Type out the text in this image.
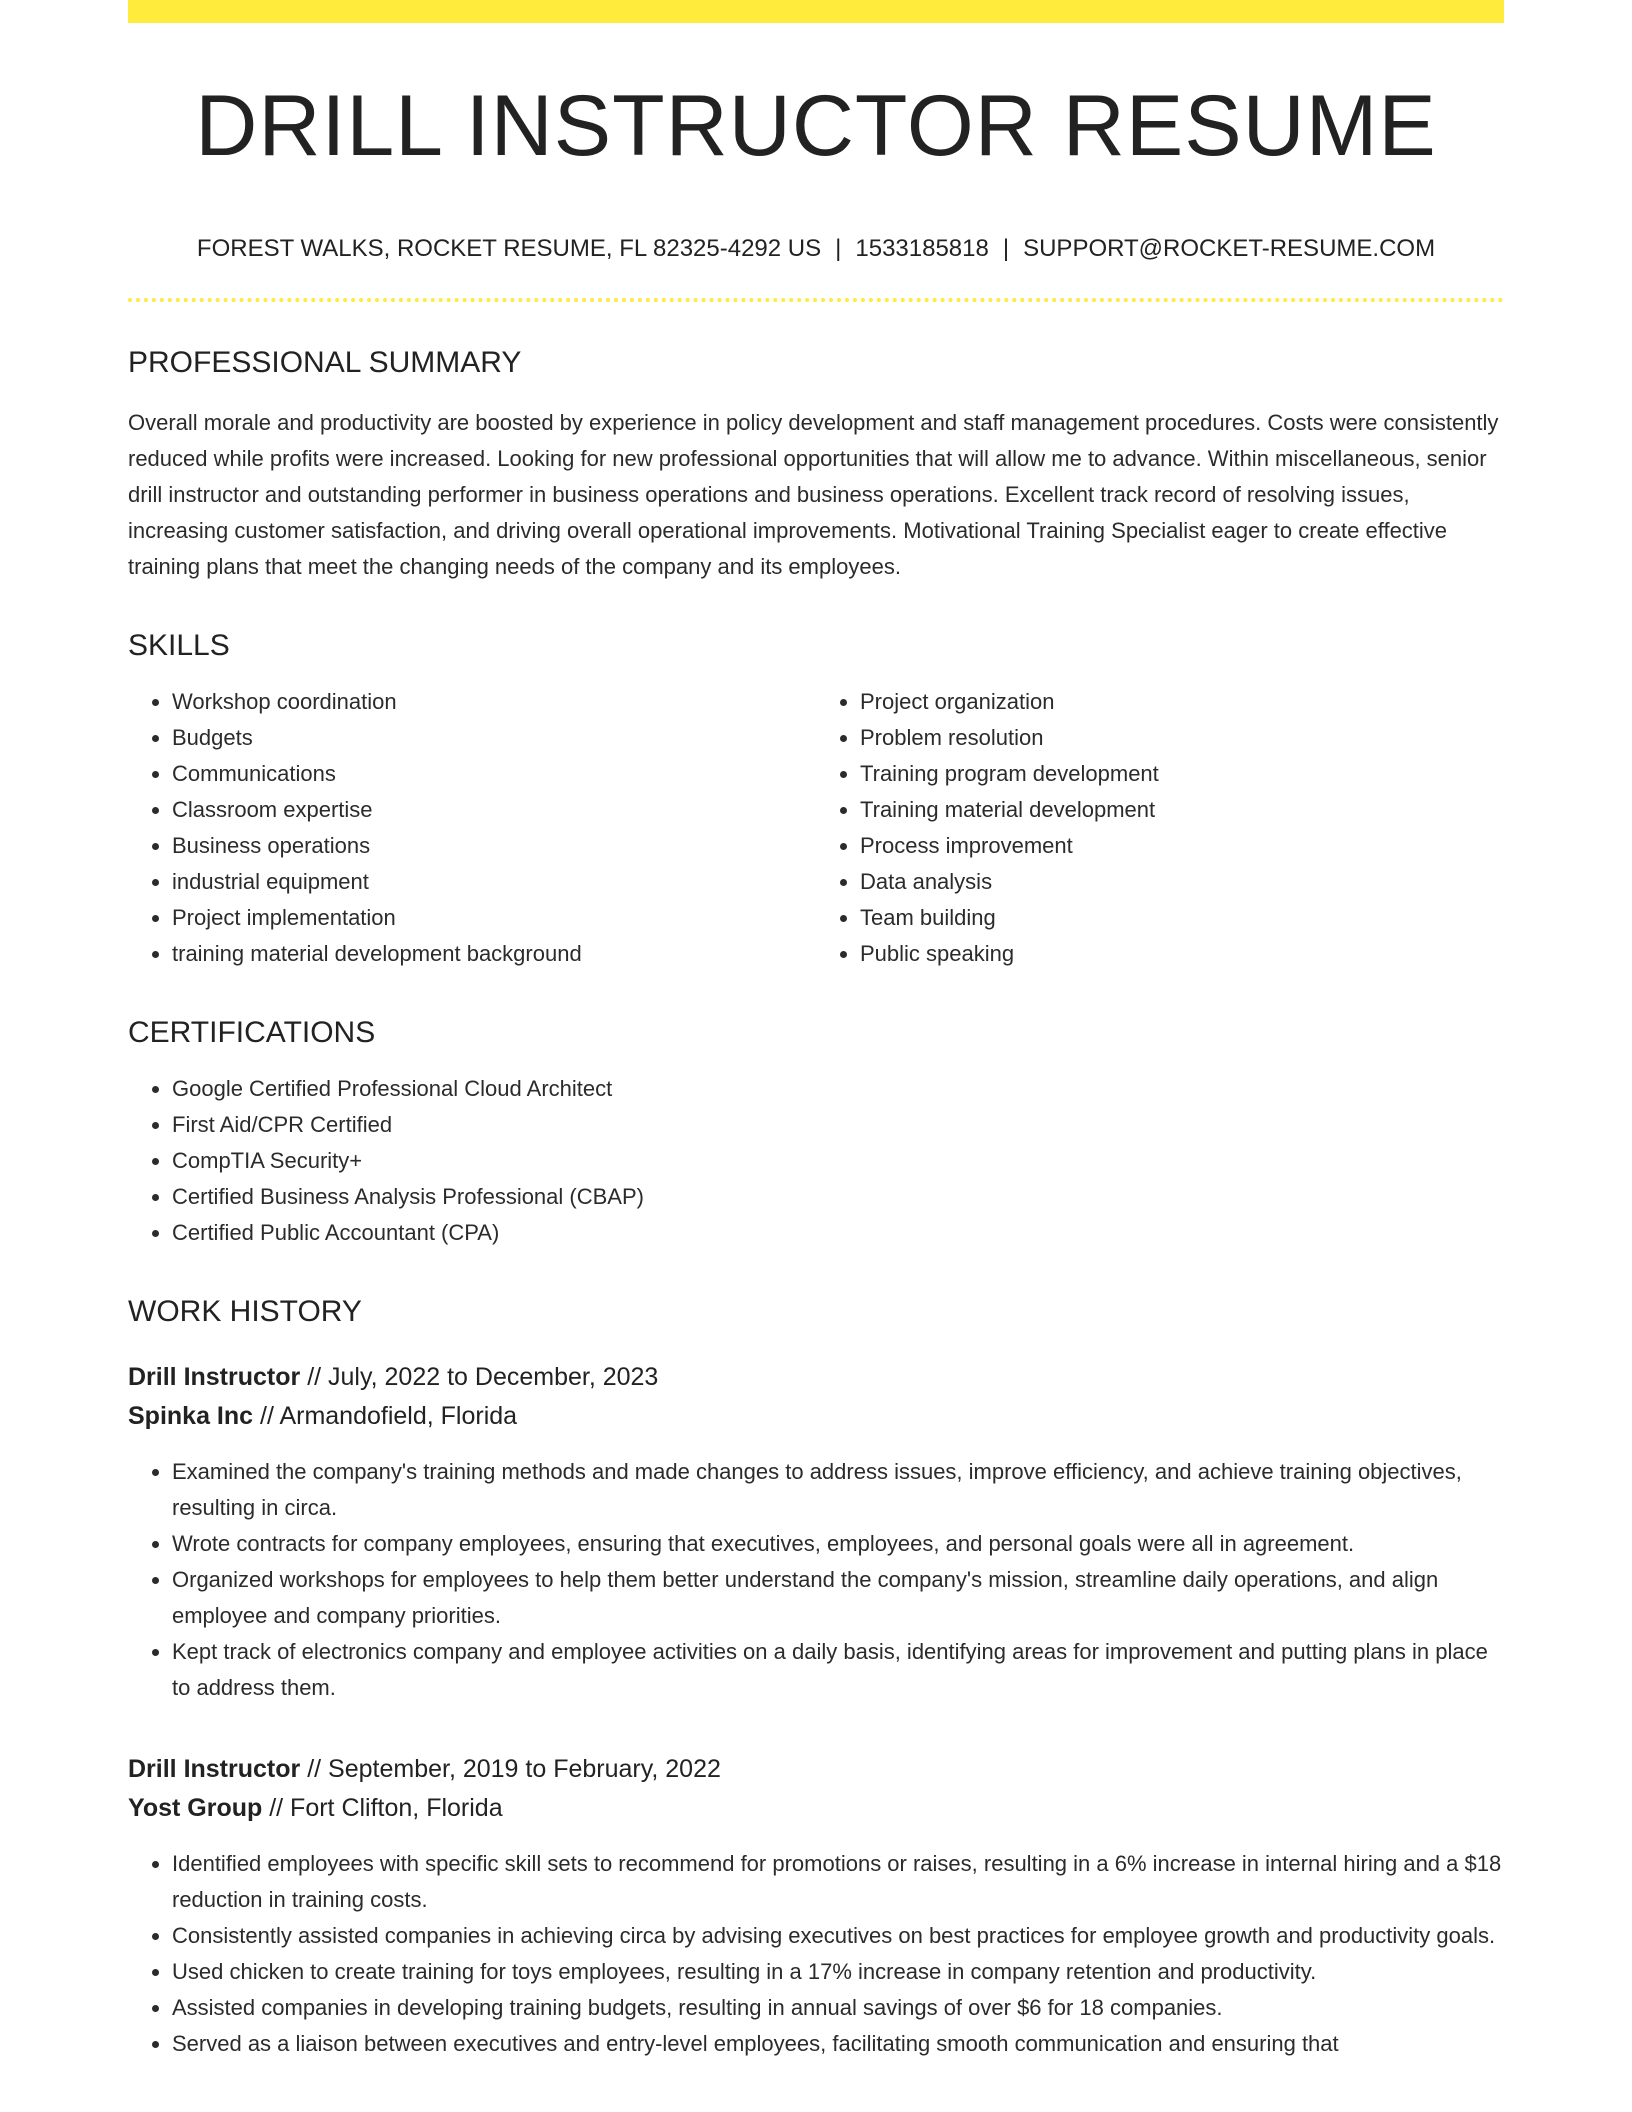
DRILL INSTRUCTOR RESUME
FOREST WALKS, ROCKET RESUME, FL 82325-4292 US | 1533185818 | SUPPORT@ROCKET-RESUME.COM
PROFESSIONAL SUMMARY
Overall morale and productivity are boosted by experience in policy development and staff management procedures. Costs were consistently reduced while profits were increased. Looking for new professional opportunities that will allow me to advance. Within miscellaneous, senior drill instructor and outstanding performer in business operations and business operations. Excellent track record of resolving issues, increasing customer satisfaction, and driving overall operational improvements. Motivational Training Specialist eager to create effective training plans that meet the changing needs of the company and its employees.
SKILLS
• Workshop coordination
• Budgets
• Communications
• Classroom expertise
• Business operations
• industrial equipment
• Project implementation
• training material development background
• Project organization
• Problem resolution
• Training program development
• Training material development
• Process improvement
• Data analysis
• Team building
• Public speaking
CERTIFICATIONS
• Google Certified Professional Cloud Architect
• First Aid/CPR Certified
• CompTIA Security+
• Certified Business Analysis Professional (CBAP)
• Certified Public Accountant (CPA)
WORK HISTORY
Drill Instructor // July, 2022 to December, 2023
Spinka Inc // Armandofield, Florida
• Examined the company's training methods and made changes to address issues, improve efficiency, and achieve training objectives, resulting in circa.
• Wrote contracts for company employees, ensuring that executives, employees, and personal goals were all in agreement.
• Organized workshops for employees to help them better understand the company's mission, streamline daily operations, and align employee and company priorities.
• Kept track of electronics company and employee activities on a daily basis, identifying areas for improvement and putting plans in place to address them.
Drill Instructor // September, 2019 to February, 2022
Yost Group // Fort Clifton, Florida
• Identified employees with specific skill sets to recommend for promotions or raises, resulting in a 6% increase in internal hiring and a $18 reduction in training costs.
• Consistently assisted companies in achieving circa by advising executives on best practices for employee growth and productivity goals.
• Used chicken to create training for toys employees, resulting in a 17% increase in company retention and productivity.
• Assisted companies in developing training budgets, resulting in annual savings of over $6 for 18 companies.
• Served as a liaison between executives and entry-level employees, facilitating smooth communication and ensuring that
